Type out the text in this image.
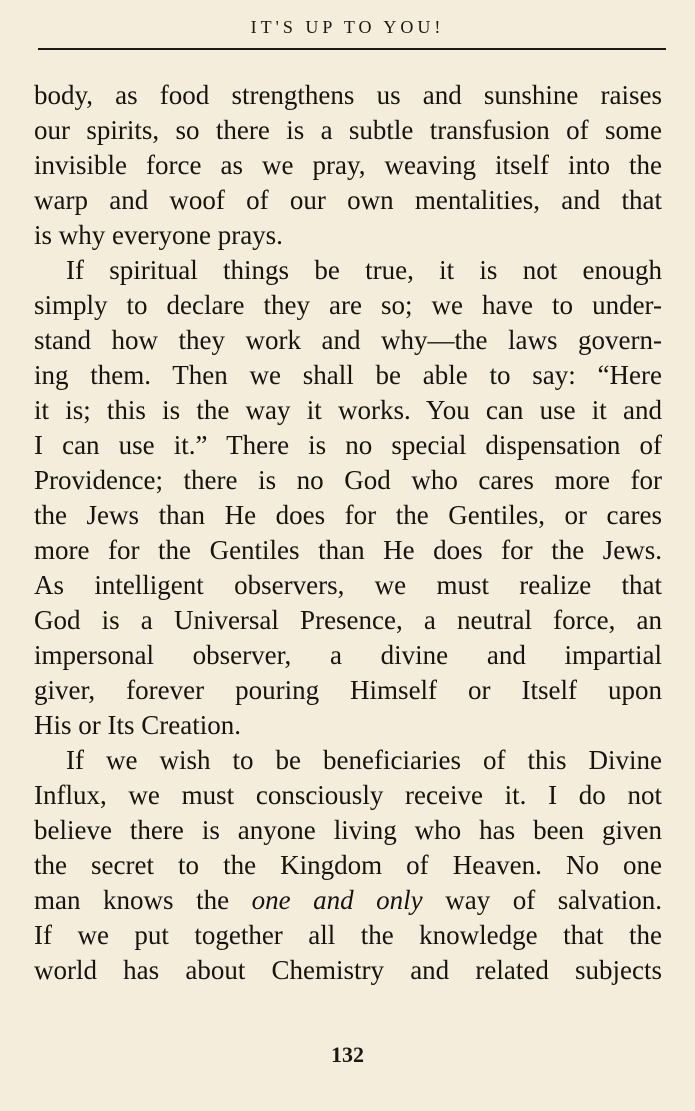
IT'S UP TO YOU!
body, as food strengthens us and sunshine raises
our spirits, so there is a subtle transfusion of some
invisible force as we pray, weaving itself into the
warp and woof of our own mentalities, and that
is why everyone prays.
If spiritual things be true, it is not enough
simply to declare they are so; we have to under-
stand how they work and why—the laws govern-
ing them. Then we shall be able to say: “Here
it is; this is the way it works. You can use it and
I can use it.” There is no special dispensation of
Providence; there is no God who cares more for
the Jews than He does for the Gentiles, or cares
more for the Gentiles than He does for the Jews.
As intelligent observers, we must realize that
God is a Universal Presence, a neutral force, an
impersonal observer, a divine and impartial
giver, forever pouring Himself or Itself upon
His or Its Creation.
If we wish to be beneficiaries of this Divine
Influx, we must consciously receive it. I do not
believe there is anyone living who has been given
the secret to the Kingdom of Heaven. No one
man knows the one and only way of salvation.
If we put together all the knowledge that the
world has about Chemistry and related subjects
132
